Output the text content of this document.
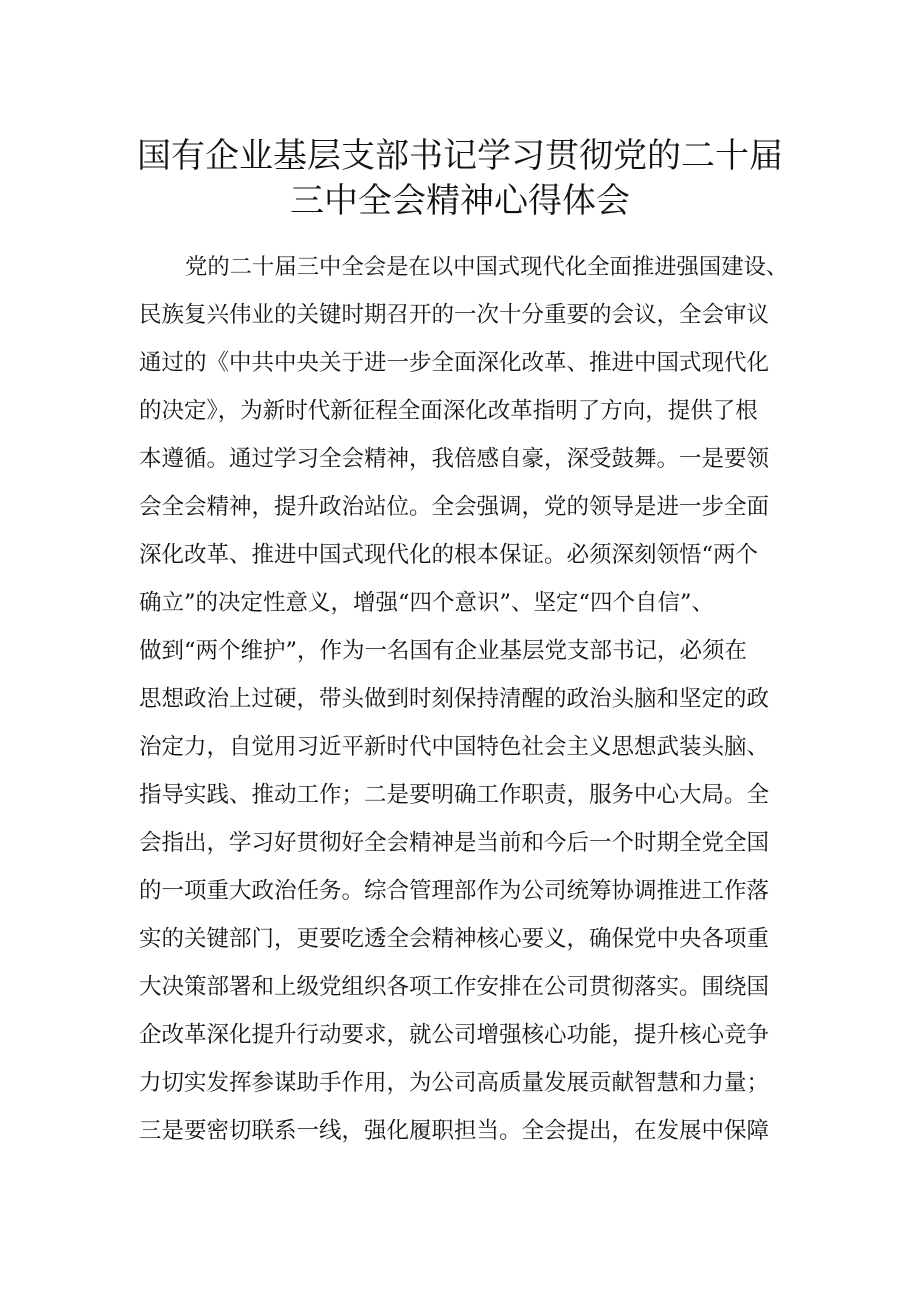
国有企业基层支部书记学习贯彻党的二十届
三中全会精神心得体会
党的二十届三中全会是在以中国式现代化全面推进强国建设、
民族复兴伟业的关键时期召开的一次十分重要的会议，全会审议
通过的《中共中央关于进一步全面深化改革、推进中国式现代化
的决定》，为新时代新征程全面深化改革指明了方向，提供了根
本遵循。通过学习全会精神，我倍感自豪，深受鼓舞。一是要领
会全会精神，提升政治站位。全会强调，党的领导是进一步全面
深化改革、推进中国式现代化的根本保证。必须深刻领悟“两个
确立”的决定性意义，增强“四个意识”、坚定“四个自信”、
做到“两个维护”，作为一名国有企业基层党支部书记，必须在
思想政治上过硬，带头做到时刻保持清醒的政治头脑和坚定的政
治定力，自觉用习近平新时代中国特色社会主义思想武装头脑、
指导实践、推动工作；二是要明确工作职责，服务中心大局。全
会指出，学习好贯彻好全会精神是当前和今后一个时期全党全国
的一项重大政治任务。综合管理部作为公司统筹协调推进工作落
实的关键部门，更要吃透全会精神核心要义，确保党中央各项重
大决策部署和上级党组织各项工作安排在公司贯彻落实。围绕国
企改革深化提升行动要求，就公司增强核心功能，提升核心竞争
力切实发挥参谋助手作用，为公司高质量发展贡献智慧和力量；
三是要密切联系一线，强化履职担当。全会提出，在发展中保障
